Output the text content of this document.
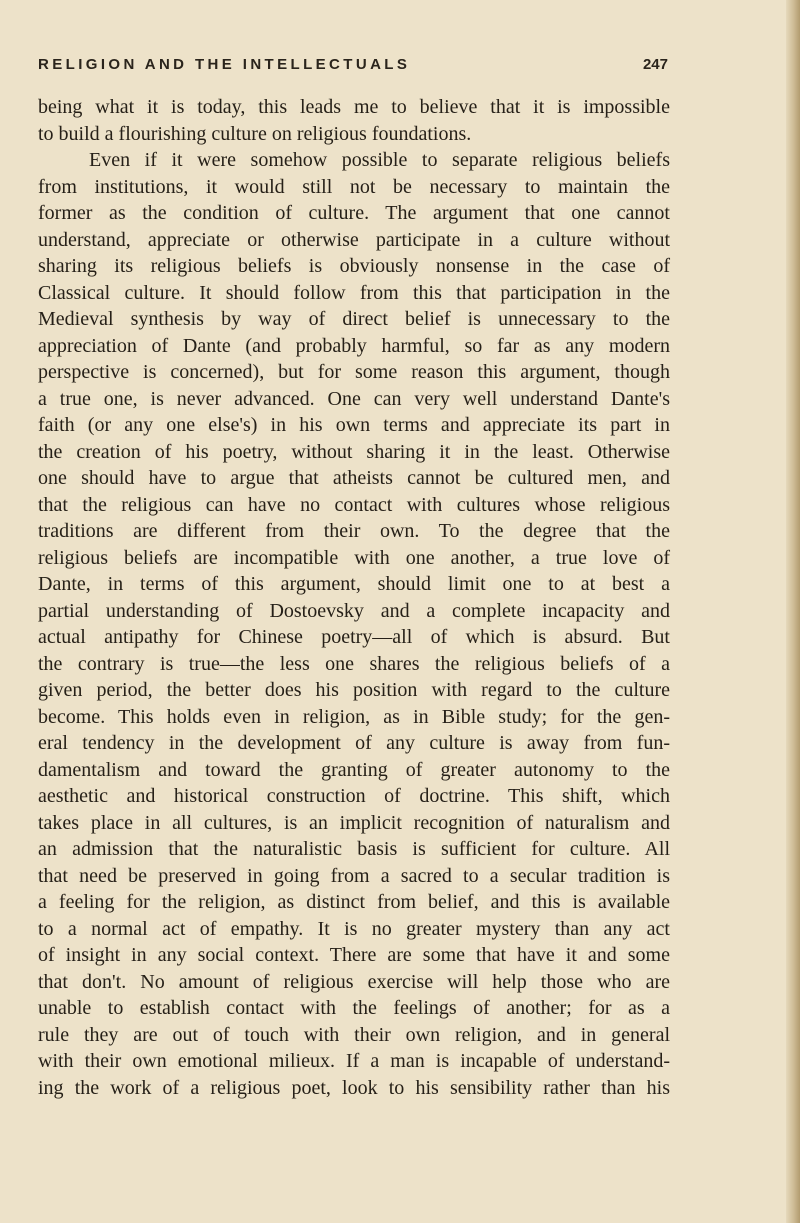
RELIGION AND THE INTELLECTUALS	247
being what it is today, this leads me to believe that it is impossible
to build a flourishing culture on religious foundations.
Even if it were somehow possible to separate religious beliefs
from institutions, it would still not be necessary to maintain the
former as the condition of culture. The argument that one cannot
understand, appreciate or otherwise participate in a culture without
sharing its religious beliefs is obviously nonsense in the case of
Classical culture. It should follow from this that participation in the
Medieval synthesis by way of direct belief is unnecessary to the
appreciation of Dante (and probably harmful, so far as any modern
perspective is concerned), but for some reason this argument, though
a true one, is never advanced. One can very well understand Dante's
faith (or any one else's) in his own terms and appreciate its part in
the creation of his poetry, without sharing it in the least. Otherwise
one should have to argue that atheists cannot be cultured men, and
that the religious can have no contact with cultures whose religious
traditions are different from their own. To the degree that the
religious beliefs are incompatible with one another, a true love of
Dante, in terms of this argument, should limit one to at best a
partial understanding of Dostoevsky and a complete incapacity and
actual antipathy for Chinese poetry—all of which is absurd. But
the contrary is true—the less one shares the religious beliefs of a
given period, the better does his position with regard to the culture
become. This holds even in religion, as in Bible study; for the gen-
eral tendency in the development of any culture is away from fun-
damentalism and toward the granting of greater autonomy to the
aesthetic and historical construction of doctrine. This shift, which
takes place in all cultures, is an implicit recognition of naturalism and
an admission that the naturalistic basis is sufficient for culture. All
that need be preserved in going from a sacred to a secular tradition is
a feeling for the religion, as distinct from belief, and this is available
to a normal act of empathy. It is no greater mystery than any act
of insight in any social context. There are some that have it and some
that don't. No amount of religious exercise will help those who are
unable to establish contact with the feelings of another; for as a
rule they are out of touch with their own religion, and in general
with their own emotional milieux. If a man is incapable of understand-
ing the work of a religious poet, look to his sensibility rather than his
